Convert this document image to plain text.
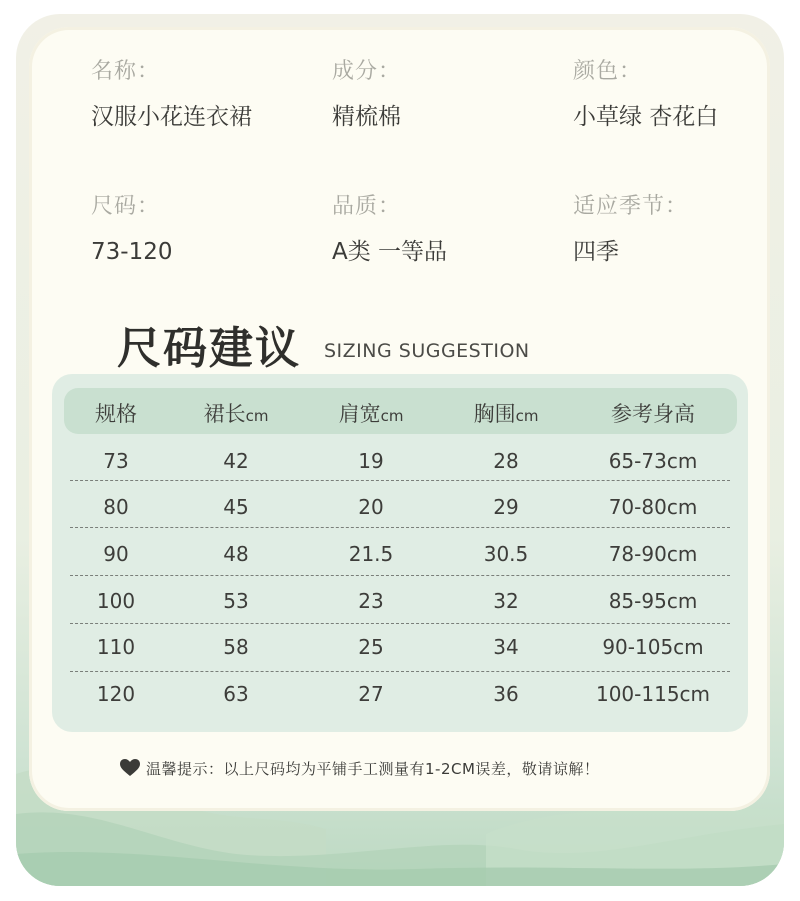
名称：
汉服小花连衣裙
成分：
精梳棉
颜色：
小草绿 杏花白
尺码：
73-120
品质：
A类 一等品
适应季节：
四季
尺码建议 SIZING SUGGESTION
规格	裙长cm	肩宽cm	胸围cm	参考身高
73	42	19	28	65-73cm
80	45	20	29	70-80cm
90	48	21.5	30.5	78-90cm
100	53	23	32	85-95cm
110	58	25	34	90-105cm
120	63	27	36	100-115cm
温馨提示：以上尺码均为平铺手工测量有1-2CM误差，敬请谅解！
